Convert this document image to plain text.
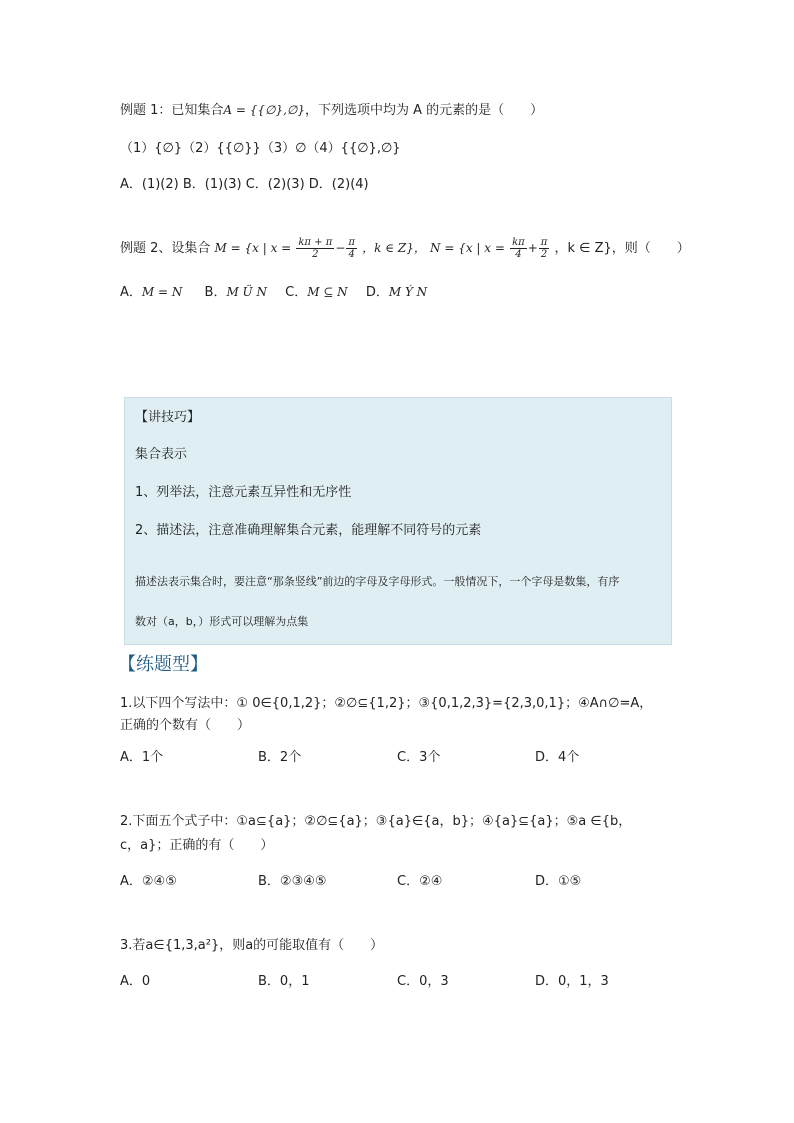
例题 1：已知集合A = {{∅},∅}，下列选项中均为 A 的元素的是（　　）
（1）{∅}（2）{{∅}}（3）∅（4）{{∅},∅}
A．(1)(2) B．(1)(3) C．(2)(3) D．(2)(4)
例题 2、设集合 M = {x | $x = \frac{k\pi + \pi}{2} - \frac{\pi}{4}$ ，k ∈ Z}， N = {x | $x = \frac{k\pi}{4} + \frac{\pi}{2}$ ，k ∈ Z}，则（　　）
A．M = N B．M Ü N C．M ⊆ N D．M Ý N
【讲技巧】
集合表示
1、列举法，注意元素互异性和无序性
2、描述法，注意准确理解集合元素，能理解不同符号的元素
描述法表示集合时，要注意“那条竖线”前边的字母及字母形式。一般情况下，一个字母是数集，有序
数对（a，b，）形式可以理解为点集
【练题型】
1.以下四个写法中：① 0∈{0,1,2}；②∅⊆{1,2}；③{0,1,2,3}={2,3,0,1}；④A∩∅=A，
正确的个数有（　　）
A．1个	B．2个	C．3个	D．4个
2.下面五个式子中：①a⊆{a}；②∅⊆{a}；③{a}∈{a，b}；④{a}⊆{a}；⑤a ∈{b，
c，a}；正确的有（　　）
A．②④⑤	B．②③④⑤	C．②④	D．①⑤
3.若a∈{1,3,a²}，则a的可能取值有（　　）
A．0	B．0，1	C．0，3	D．0，1，3
